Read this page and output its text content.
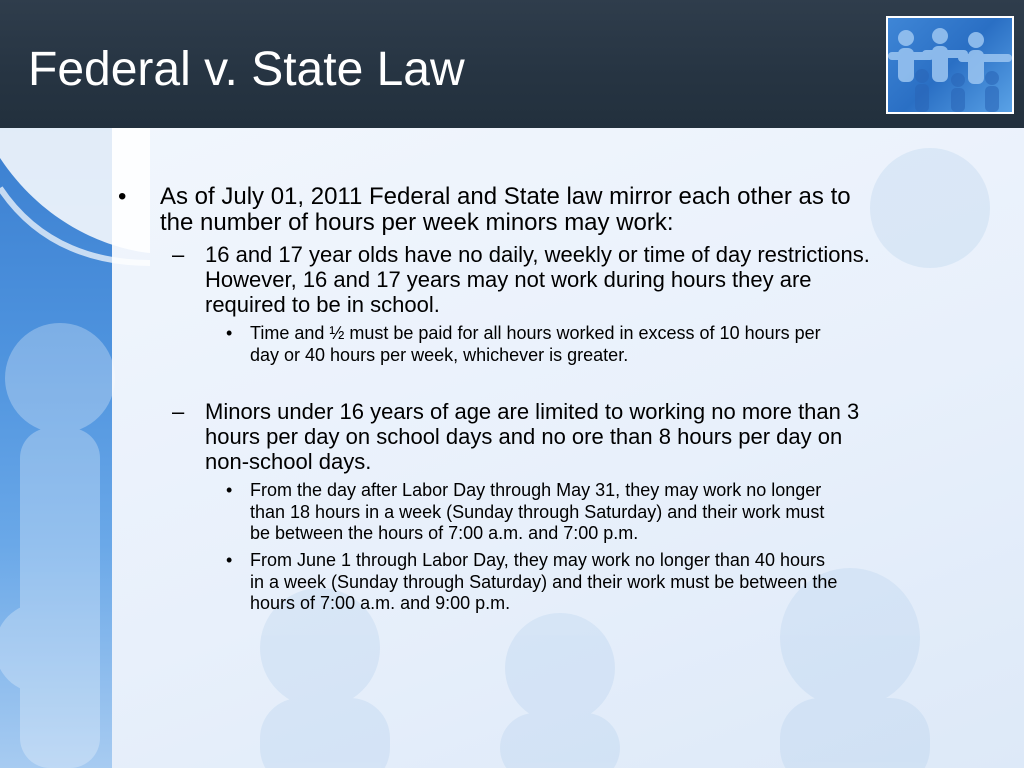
Federal v. State Law
•	As of July 01, 2011 Federal and State law mirror each other as to
the number of hours per week minors may work:
– 16 and 17 year olds have no daily, weekly or time of day restrictions.
However, 16 and 17 years may not work during hours they are
required to be in school.
• Time and ½ must be paid for all hours worked in excess of 10 hours per
day or 40 hours per week, whichever is greater.
– Minors under 16 years of age are limited to working no more than 3
hours per day on school days and no ore than 8 hours per day on
non-school days.
• From the day after Labor Day through May 31, they may work no longer
than 18 hours in a week (Sunday through Saturday) and their work must
be between the hours of 7:00 a.m. and 7:00 p.m.
• From June 1 through Labor Day, they may work no longer than 40 hours
in a week (Sunday through Saturday) and their work must be between the
hours of 7:00 a.m. and 9:00 p.m.
